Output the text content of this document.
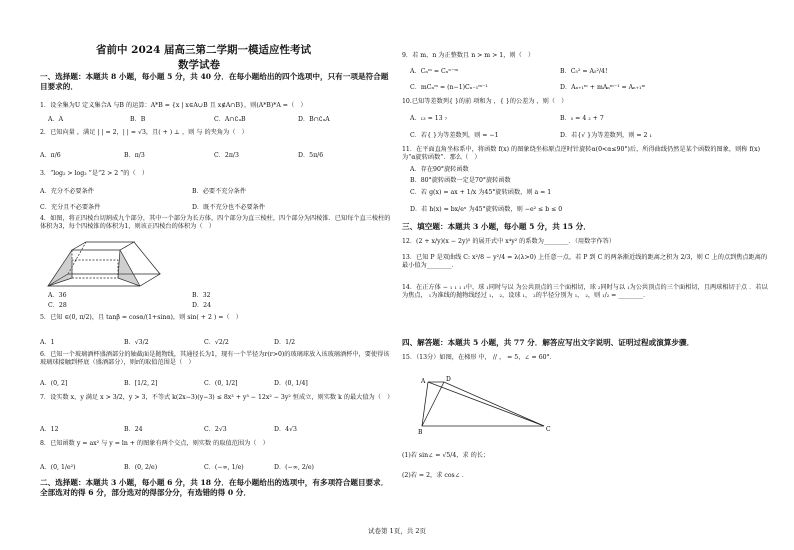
省前中 2024 届高三第二学期一模适应性考试
数学试卷
一、选择题：本题共 8 小题，每小题 5 分，共 40 分．在每小题给出的四个选项中，只有一项是符合题目要求的．
1．设全集为U 定义集合A 与B 的运算：A*B = {x | x∈A∪B 且 x∉A∩B}，则(A*B)*A =（　）
A．A	B．B	C．A∩∁ᵤB	D．B∩∁ᵤA
2．已知向量 ，满足 | | = 2，| | = √3，且( + ) ⊥ ，则 与 的夹角为（　）
A．π/6	B．π/3	C．2π/3	D．5π/6
3．“log₂ > log₂ ”是“2 > 2 ”的（　）
A．充分不必要条件	B．必要不充分条件
C．充分且不必要条件	D．既不充分也不必要条件
4．如图，将正四棱台切割成九个部分，其中一个部分为长方体，四个部分为直三棱柱，四个部分为四棱锥．已知每个直三棱柱的体积为3，每个四棱锥的体积为1，则该正四棱台的体积为（　）
A．36	B．32
C．28	D．24
5．已知 ∈(0, π/2)，且 tanβ = cosα/(1+sinα)，则 sin( + 2 ) =（　）
A．1	B．√3/2	C．√2/2	D．1/2
6．已知一个玻璃酒杯盛酒部分的轴截面是抛物线，其通径长为1，现有一个半径为r(r>0)的玻璃球放入该玻璃酒杯中，要使得该玻璃球接触到杯底（盛酒部分），则r的取值范围是（　）
A．(0, 2]	B．[1/2, 2]	C．(0, 1/2]	D．(0, 1/4]
7．设实数 x，y 满足 x > 3/2，y > 3，不等式 k(2x−3)(y−3) ≤ 8x³ + y³ − 12x² − 3y² 恒成立，则实数 k 的最大值为（　）
A．12	B．24	C．2√3	D．4√3
8．已知函数 y = ax² 与 y = ln + 的图象有两个交点，则实数 的取值范围为（　）
A．(0, 1/e²)	B．(0, 2/e)	C．(−∞, 1/e)	D．(−∞, 2/e)
二、选择题：本题共 3 小题，每小题 6 分，共 18 分．在每小题给出的选项中，有多项符合题目要求．全部选对的得 6 分，部分选对的得部分分，有选错的得 0 分．
9．若 m，n 为正整数且 n > m > 1，则（　）
A．Cₙᵐ = Cₙⁿ⁻ᵐ	B．C₅² = A₅²/4!
C．mCₙᵐ = (n−1)Cₙ₋₁ᵐ⁻¹	D．Aₙ₊₁ᵐ + mAₙᵐ⁻¹ = Aₙ₊₁ᵐ
10.已知等差数列{ }的前 项和为 ，{ }的公差为 ，则（　）
A．₁₃ = 13 ₇	B．₅ = 4 ₂ + 7
C．若{ }为等差数列，则 = −1	D．若{√ }为等差数列，则 = 2 ₁
11．在平面直角坐标系中，将函数 f(x) 的图象绕坐标原点逆时针旋转α(0<α≤90°)后，所得曲线仍然是某个函数的图象，则称 f(x) 为“α旋转函数”．那么（　）
A．存在90°旋转函数
B．80°旋转函数一定是70°旋转函数
C．若 g(x) = ax + 1/x 为45°旋转函数，则 a = 1
D．若 h(x) = bx/eˣ 为45°旋转函数，则 −e² ≤ b ≤ 0
三、填空题：本题共 3 小题，每小题 5 分，共 15 分．
12．(2 + x/y)(x − 2y)⁵ 的展开式中 x⁴y² 的系数为________．（用数字作答）
13．已知 P 是双曲线 C: x²/8 − y²/4 = λ(λ>0) 上任意一点，若 P 到 C 的两条渐近线的距离之积为 2/3，则 C 上的点到焦点距离的最小值为________．
14．在正方体 − ₁ ₁ ₁ ₁中，球 ₁同时与以 为公共顶点的三个面相切，球 ₂同时与以 ₁为公共顶点的三个面相切，且两球相切于点 ．若以 为焦点， ₁为准线的抛物线经过 ₁， ₂，设球 ₁， ₂的半径分别为 ₁， ₂，则 ₁/₂ = ________．
四、解答题：本题共 5 小题，共 77 分．解答应写出文字说明、证明过程或演算步骤．
15．（13分）如图，在梯形 中， // ， = 5，∠ = 60°．
A	D
B	C
(1)若 sin∠ = √5/4，求 的长；
(2)若 = 2，求 cos∠ ．
试卷第 1页，共 2页
